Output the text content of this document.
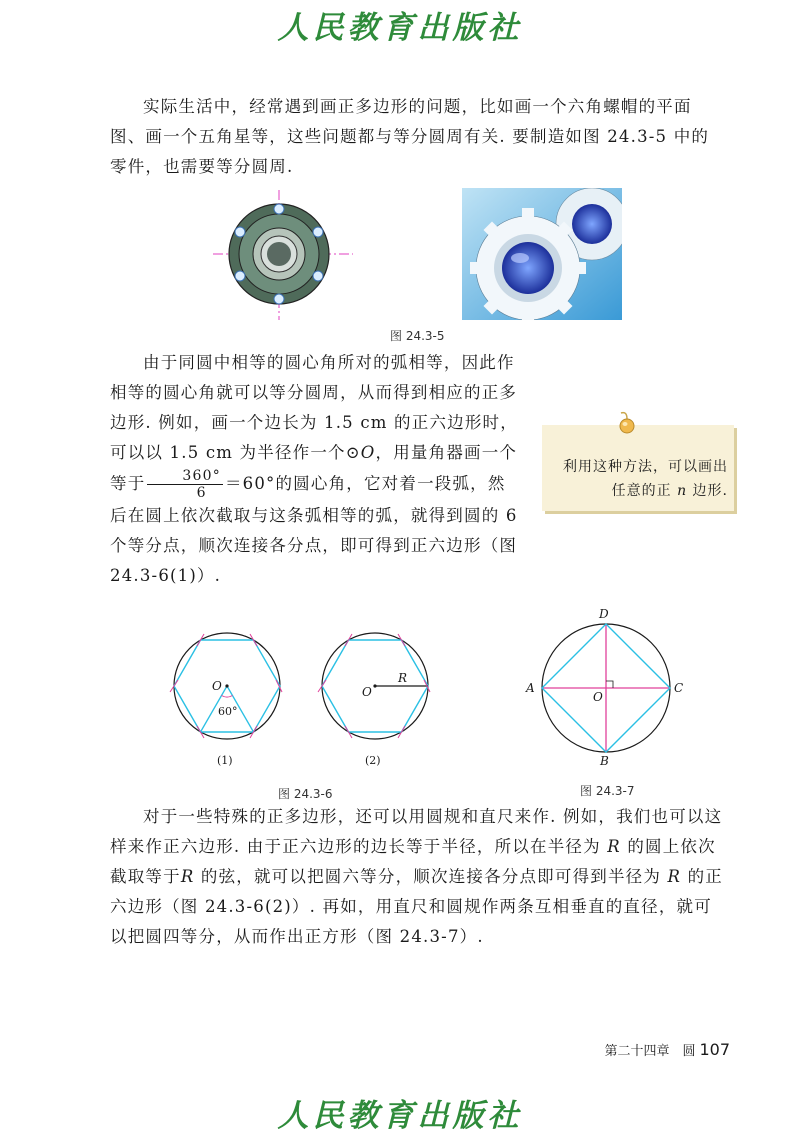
人民教育出版社

实际生活中，经常遇到画正多边形的问题，比如画一个六角螺帽的平面图、画一个五角星等，这些问题都与等分圆周有关. 要制造如图 24.3-5 中的零件，也需要等分圆周.

图 24.3-5

由于同圆中相等的圆心角所对的弧相等，因此作相等的圆心角就可以等分圆周，从而得到相应的正多边形. 例如，画一个边长为 1.5 cm 的正六边形时，可以以 1.5 cm 为半径作一个⊙O，用量角器画一个等于 $\frac{360^\circ}{6} =60^\circ$的圆心角，它对着一段弧，然后在圆上依次截取与这条弧相等的弧，就得到圆的 6 个等分点，顺次连接各分点，即可得到正六边形（图 24.3-6(1)）.

利用这种方法，可以画出任意的正 n 边形.
O
60°
(1)
O
R
(2)
图 24.3-6
D
A	C
B
O
图 24.3-7

对于一些特殊的正多边形，还可以用圆规和直尺来作. 例如，我们也可以这样来作正六边形. 由于正六边形的边长等于半径，所以在半径为 R 的圆上依次截取等于R 的弦，就可以把圆六等分，顺次连接各分点即可得到半径为 R 的正六边形（图 24.3-6(2)）. 再如，用直尺和圆规作两条互相垂直的直径，就可以把圆四等分，从而作出正方形（图 24.3-7）.

第二十四章　圆 107
人民教育出版社
